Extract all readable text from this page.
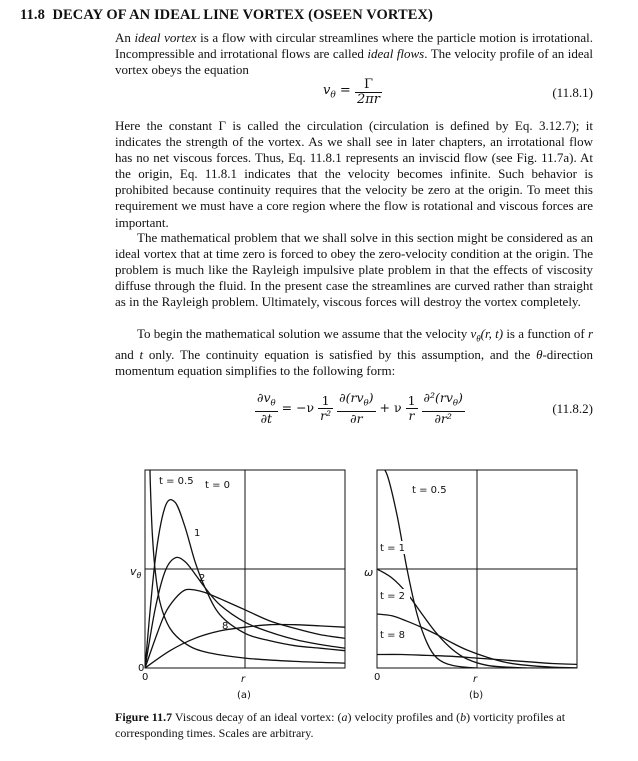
11.8 DECAY OF AN IDEAL LINE VORTEX (OSEEN VORTEX)

An ideal vortex is a flow with circular streamlines where the particle motion is irrotational. Incompressible and irrotational flows are called ideal flows. The velocity profile of an ideal vortex obeys the equation

$v_\theta = \frac{\Gamma}{2\pi r}$	(11.8.1)

Here the constant Γ is called the circulation (circulation is defined by Eq. 3.12.7); it indicates the strength of the vortex. As we shall see in later chapters, an irrotational flow has no net viscous forces. Thus, Eq. 11.8.1 represents an inviscid flow (see Fig. 11.7a). At the origin, Eq. 11.8.1 indicates that the velocity becomes infinite. Such behavior is prohibited because continuity requires that the velocity be zero at the origin. To meet this requirement we must have a core region where the flow is rotational and viscous forces are important.

The mathematical problem that we shall solve in this section might be considered as an ideal vortex that at time zero is forced to obey the zero-velocity condition at the origin. The problem is much like the Rayleigh impulsive plate problem in that the effects of viscosity diffuse through the fluid. In the present case the streamlines are curved rather than straight as in the Rayleigh problem. Ultimately, viscous forces will destroy the vortex completely.

To begin the mathematical solution we assume that the velocity $v_\theta(r$, t) is a function of r and t only. The continuity equation is satisfied by this assumption, and the θ-direction momentum equation simplifies to the following form:

$\frac{\partial v_\theta}{\partial t} = -\nu \frac{1}{\text{r²}}$
$\frac{\partial(rv_\theta)}{\partial r} + \nu \frac{1}{r}$
$\frac{\partial^2(rv_\theta)}{\text{∂r²}}$	(11.8.2)
$v_\theta$
0
0	r
(a)
t = 0.5 t = 0
1
2
8
ω
0	r
(b)
t = 0.5
t = 1
t = 2
t = 8

Figure 11.7 Viscous decay of an ideal vortex: (a) velocity profiles and (b) vorticity profiles at corresponding times. Scales are arbitrary.
